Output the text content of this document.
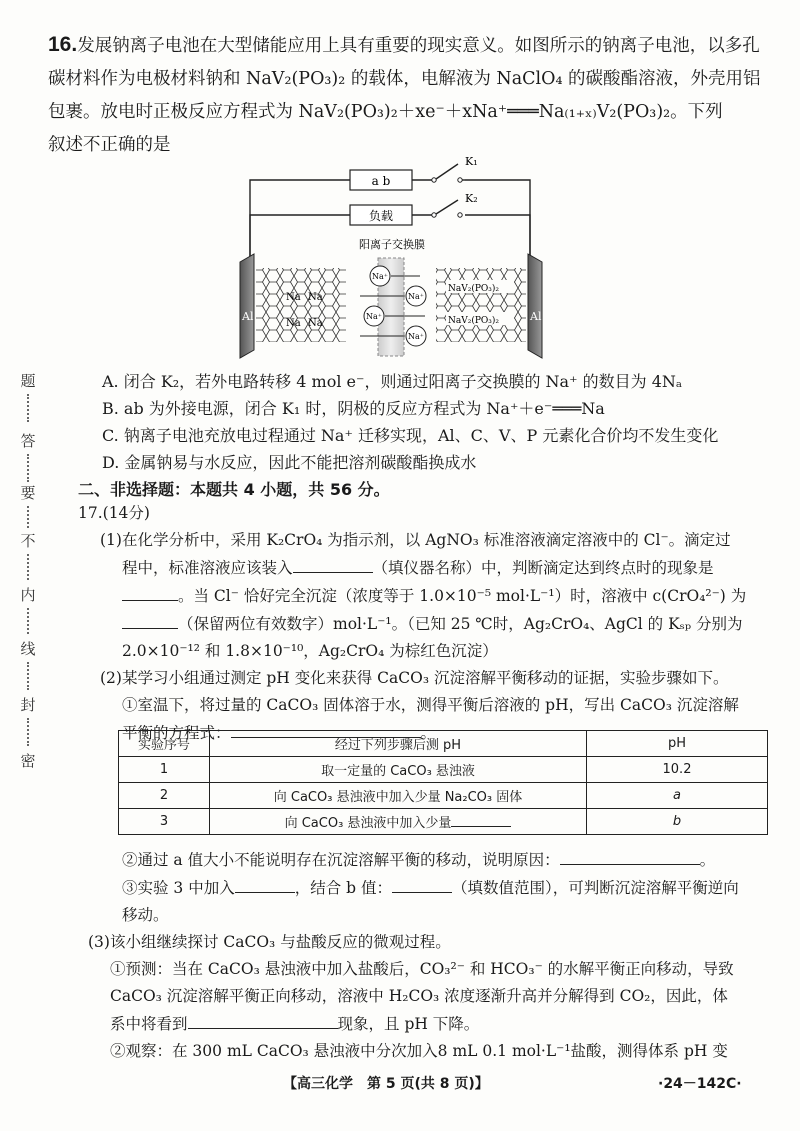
题
答
要
不
内
线
封
密
16.发展钠离子电池在大型储能应用上具有重要的现实意义。如图所示的钠离子电池，以多孔
碳材料作为电极材料钠和 NaV₂(PO₃)₂ 的载体，电解液为 NaClO₄ 的碳酸酯溶液，外壳用铝
包裹。放电时正极反应方程式为 NaV₂(PO₃)₂＋xe⁻＋xNa⁺═══Na₍₁₊ₓ₎V₂(PO₃)₂。下列
叙述不正确的是
a b
K₁
负载
K₂
阳离子交换膜
Al
Na Na
Na Na
Na⁺
Na⁺
Na⁺
Na⁺
NaV₂(PO₃)₂
NaV₂(PO₃)₂	Al
A. 闭合 K₂，若外电路转移 4 mol e⁻，则通过阳离子交换膜的 Na⁺ 的数目为 4Nₐ
B. ab 为外接电源，闭合 K₁ 时，阴极的反应方程式为 Na⁺＋e⁻═══Na
C. 钠离子电池充放电过程通过 Na⁺ 迁移实现，Al、C、V、P 元素化合价均不发生变化
D. 金属钠易与水反应，因此不能把溶剂碳酸酯换成水
二、非选择题：本题共 4 小题，共 56 分。
17.(14分)
(1)在化学分析中，采用 K₂CrO₄ 为指示剂，以 AgNO₃ 标准溶液滴定溶液中的 Cl⁻。滴定过
程中，标准溶液应该装入	（填仪器名称）中，判断滴定达到终点时的现象是
。当 Cl⁻ 恰好完全沉淀（浓度等于 1.0×10⁻⁵ mol·L⁻¹）时，溶液中 c(CrO₄²⁻) 为
（保留两位有效数字）mol·L⁻¹。（已知 25 ℃时，Ag₂CrO₄、AgCl 的 Kₛₚ 分别为
2.0×10⁻¹² 和 1.8×10⁻¹⁰，Ag₂CrO₄ 为棕红色沉淀）
(2)某学习小组通过测定 pH 变化来获得 CaCO₃ 沉淀溶解平衡移动的证据，实验步骤如下。
①室温下，将过量的 CaCO₃ 固体溶于水，测得平衡后溶液的 pH，写出 CaCO₃ 沉淀溶解
平衡的方程式：	。
实验序号	经过下列步骤后测 pH	pH
1	取一定量的 CaCO₃ 悬浊液	10.2
2	向 CaCO₃ 悬浊液中加入少量 Na₂CO₃ 固体	a
3	向 CaCO₃ 悬浊液中加入少量	b
②通过 a 值大小不能说明存在沉淀溶解平衡的移动，说明原因：	。
③实验 3 中加入	，结合 b 值：	（填数值范围），可判断沉淀溶解平衡逆向
移动。
(3)该小组继续探讨 CaCO₃ 与盐酸反应的微观过程。
①预测：当在 CaCO₃ 悬浊液中加入盐酸后，CO₃²⁻ 和 HCO₃⁻ 的水解平衡正向移动，导致
CaCO₃ 沉淀溶解平衡正向移动，溶液中 H₂CO₃ 浓度逐渐升高并分解得到 CO₂，因此，体
系中将看到	现象，且 pH 下降。
②观察：在 300 mL CaCO₃ 悬浊液中分次加入8 mL 0.1 mol·L⁻¹盐酸，测得体系 pH 变
【高三化学　第 5 页(共 8 页)】	·24－142C·
